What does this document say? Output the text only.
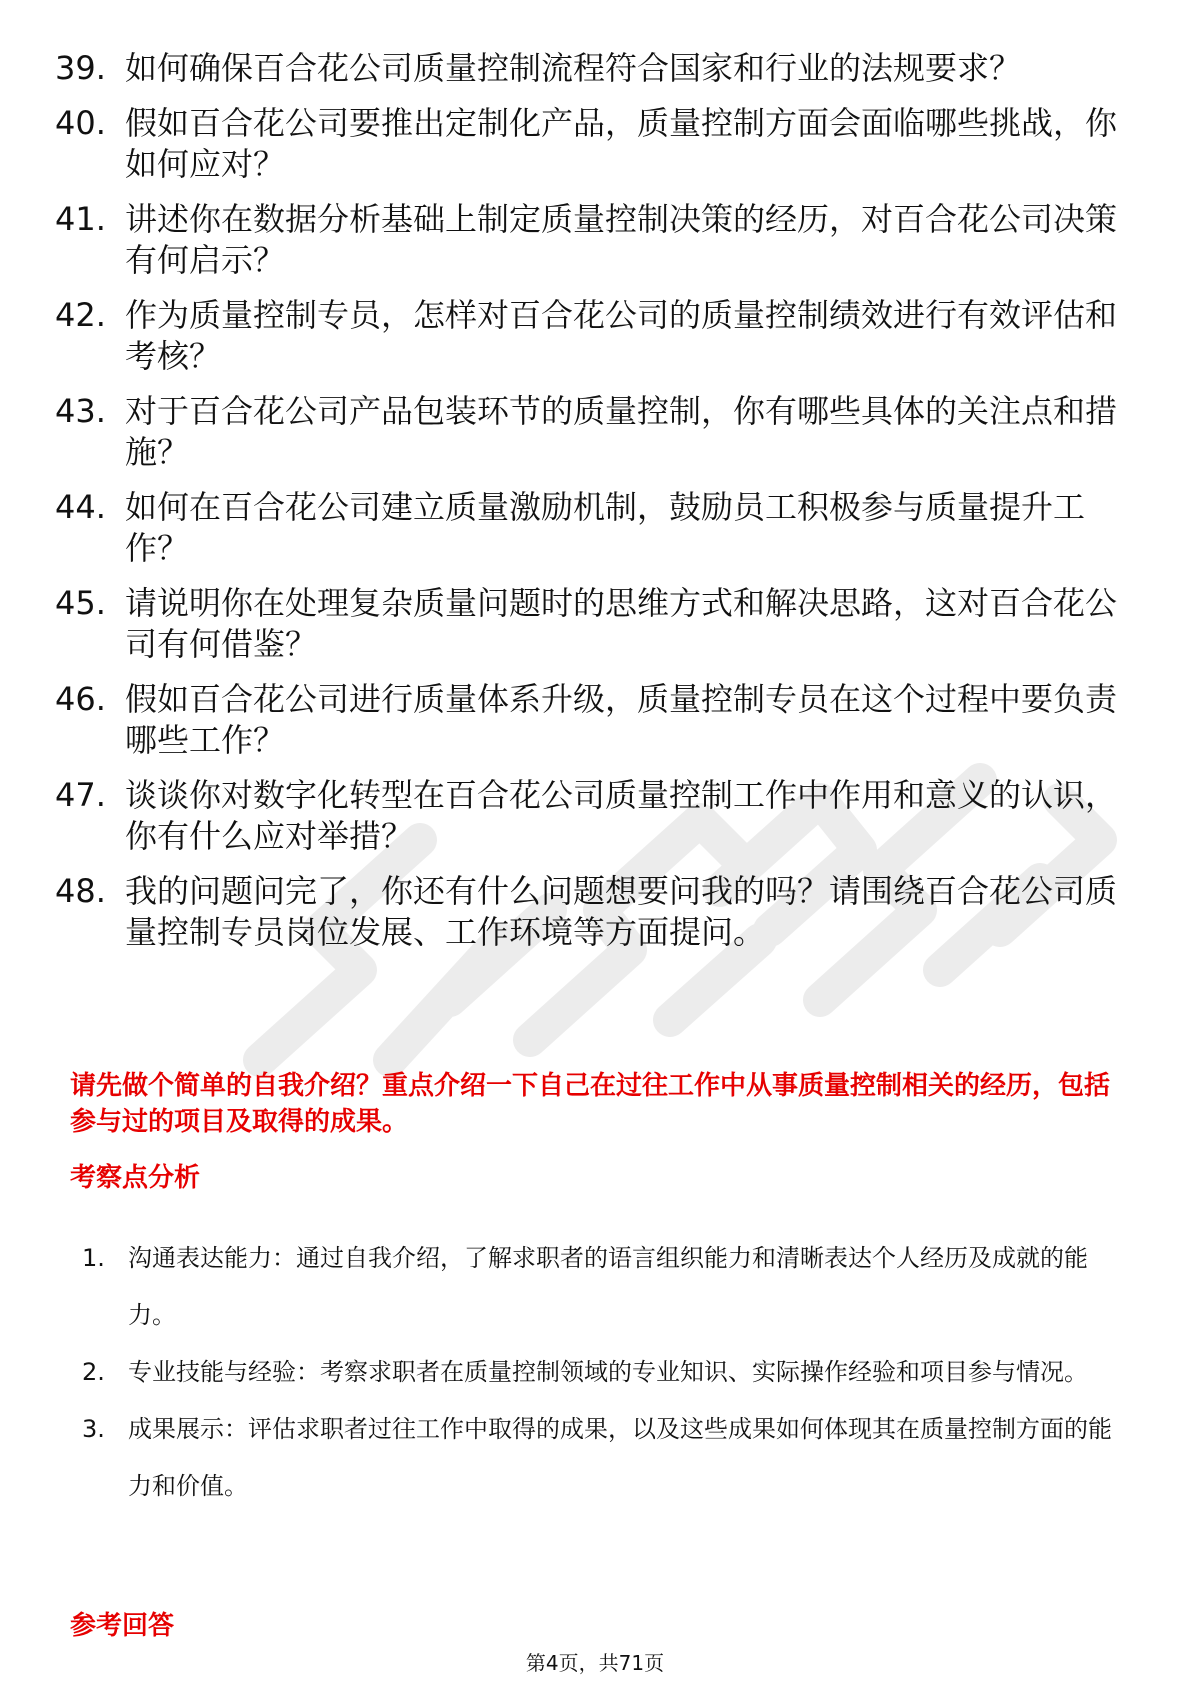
39. 如何确保百合花公司质量控制流程符合国家和行业的法规要求？
40. 假如百合花公司要推出定制化产品，质量控制方面会面临哪些挑战，你如何应对？
41. 讲述你在数据分析基础上制定质量控制决策的经历，对百合花公司决策有何启示？
42. 作为质量控制专员，怎样对百合花公司的质量控制绩效进行有效评估和考核？
43. 对于百合花公司产品包装环节的质量控制，你有哪些具体的关注点和措施？
44. 如何在百合花公司建立质量激励机制，鼓励员工积极参与质量提升工作？
45. 请说明你在处理复杂质量问题时的思维方式和解决思路，这对百合花公司有何借鉴？
46. 假如百合花公司进行质量体系升级，质量控制专员在这个过程中要负责哪些工作？
47. 谈谈你对数字化转型在百合花公司质量控制工作中作用和意义的认识，你有什么应对举措？
48. 我的问题问完了，你还有什么问题想要问我的吗？请围绕百合花公司质量控制专员岗位发展、工作环境等方面提问。

请先做个简单的自我介绍？重点介绍一下自己在过往工作中从事质量控制相关的经历，包括参与过的项目及取得的成果。

考察点分析
1. 沟通表达能力：通过自我介绍，了解求职者的语言组织能力和清晰表达个人经历及成就的能力。
2. 专业技能与经验：考察求职者在质量控制领域的专业知识、实际操作经验和项目参与情况。
3. 成果展示：评估求职者过往工作中取得的成果，以及这些成果如何体现其在质量控制方面的能力和价值。
参考回答
第4页，共71页
